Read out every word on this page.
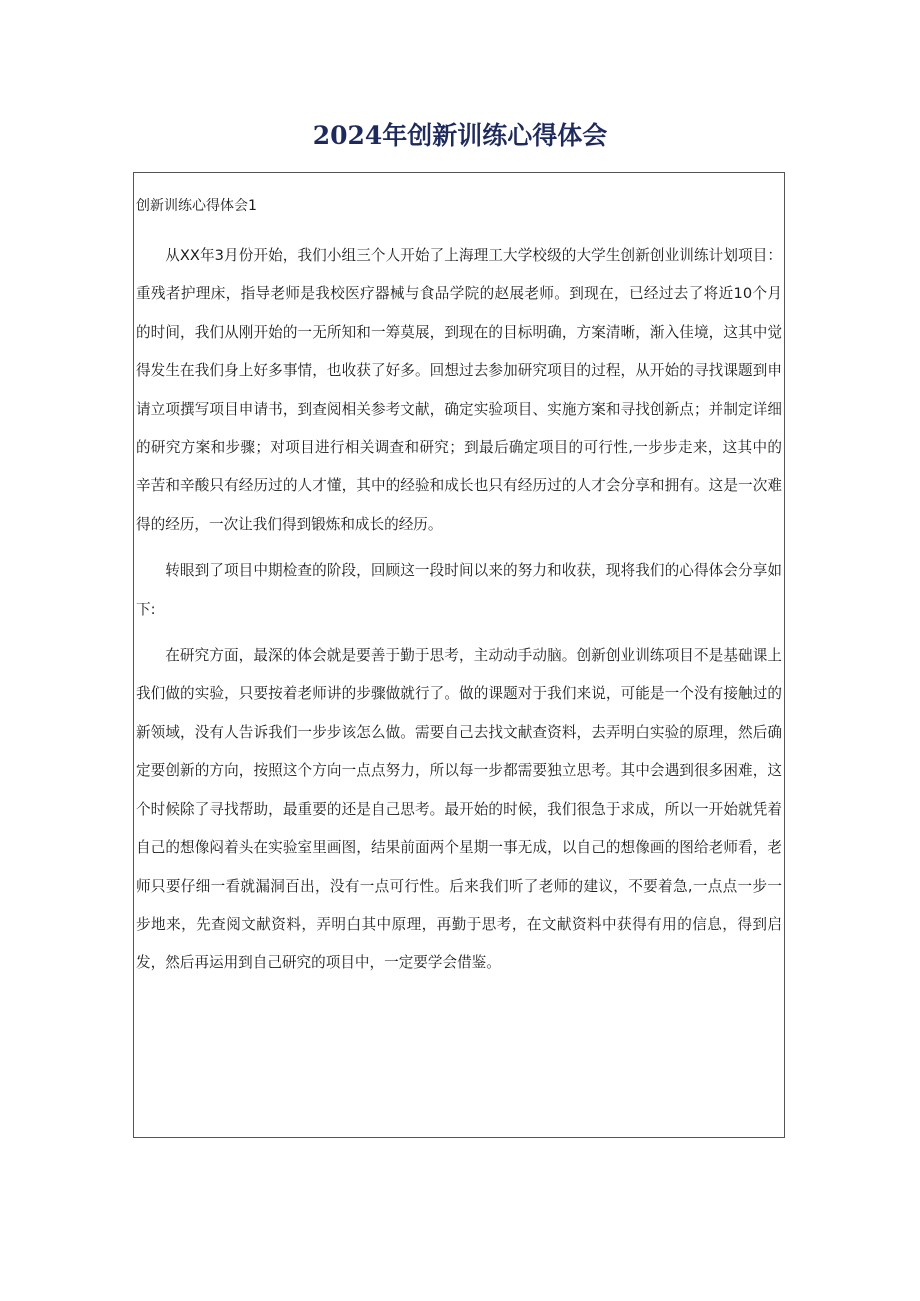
2024年创新训练心得体会

创新训练心得体会1

从XX年3月份开始，我们小组三个人开始了上海理工大学校级的大学生创新创业训练计划项目：重残者护理床，指导老师是我校医疗器械与食品学院的赵展老师。到现在，已经过去了将近10个月的时间，我们从刚开始的一无所知和一筹莫展，到现在的目标明确，方案清晰，渐入佳境，这其中觉得发生在我们身上好多事情，也收获了好多。回想过去参加研究项目的过程，从开始的寻找课题到申请立项撰写项目申请书，到查阅相关参考文献，确定实验项目、实施方案和寻找创新点；并制定详细的研究方案和步骤；对项目进行相关调查和研究；到最后确定项目的可行性,一步步走来，这其中的辛苦和辛酸只有经历过的人才懂，其中的经验和成长也只有经历过的人才会分享和拥有。这是一次难得的经历，一次让我们得到锻炼和成长的经历。

转眼到了项目中期检查的阶段，回顾这一段时间以来的努力和收获，现将我们的心得体会分享如下:

在研究方面，最深的体会就是要善于勤于思考，主动动手动脑。创新创业训练项目不是基础课上我们做的实验，只要按着老师讲的步骤做就行了。做的课题对于我们来说，可能是一个没有接触过的新领域，没有人告诉我们一步步该怎么做。需要自己去找文献查资料，去弄明白实验的原理，然后确定要创新的方向，按照这个方向一点点努力，所以每一步都需要独立思考。其中会遇到很多困难，这个时候除了寻找帮助，最重要的还是自己思考。最开始的时候，我们很急于求成，所以一开始就凭着自己的想像闷着头在实验室里画图，结果前面两个星期一事无成，以自己的想像画的图给老师看，老师只要仔细一看就漏洞百出，没有一点可行性。后来我们听了老师的建议，不要着急,一点点一步一步地来，先查阅文献资料，弄明白其中原理，再勤于思考，在文献资料中获得有用的信息，得到启发，然后再运用到自己研究的项目中，一定要学会借鉴。
